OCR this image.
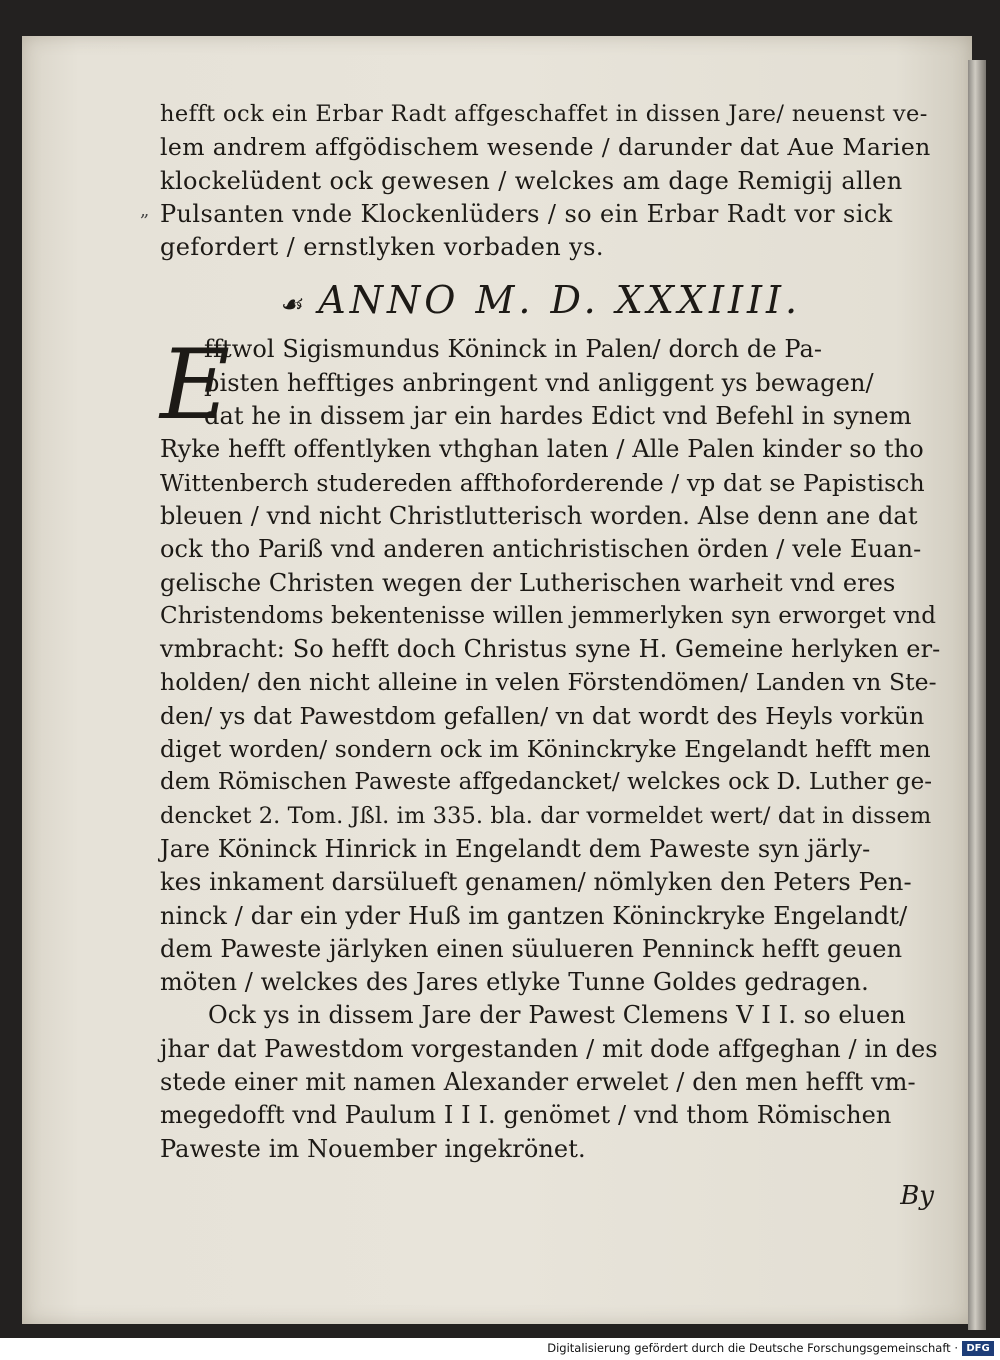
„
hefft ock ein Erbar Radt affgeschaffet in dissen Jare/ neuenst ve-
lem andrem affgödischem wesende / darunder dat Aue Marien
klockelüdent ock gewesen / welckes am dage Remigij allen
Pulsanten vnde Klockenlüders / so ein Erbar Radt vor sick
gefordert / ernstlyken vorbaden ys.
☙ ANNO M. D. XXXIIII.
E
fftwol Sigismundus Köninck in Palen/ dorch de Pa-
pisten hefftiges anbringent vnd anliggent ys bewagen/
dat he in dissem jar ein hardes Edict vnd Befehl in synem
Ryke hefft offentlyken vthghan laten / Alle Palen kinder so tho
Wittenberch studereden affthoforderende / vp dat se Papistisch
bleuen / vnd nicht Christlutterisch worden. Alse denn ane dat
ock tho Pariß vnd anderen antichristischen örden / vele Euan-
gelische Christen wegen der Lutherischen warheit vnd eres
Christendoms bekentenisse willen jemmerlyken syn erworget vnd
vmbracht: So hefft doch Christus syne H. Gemeine herlyken er-
holden/ den nicht alleine in velen Förstendömen/ Landen vn Ste-
den/ ys dat Pawestdom gefallen/ vn dat wordt des Heyls vorkün
diget worden/ sondern ock im Köninckryke Engelandt hefft men
dem Römischen Paweste affgedancket/ welckes ock D. Luther ge-
dencket 2. Tom. Jßl. im 335. bla. dar vormeldet wert/ dat in dissem
Jare Köninck Hinrick in Engelandt dem Paweste syn järly-
kes inkament darsülueft genamen/ nömlyken den Peters Pen-
ninck / dar ein yder Huß im gantzen Köninckryke Engelandt/
dem Paweste järlyken einen süulueren Penninck hefft geuen
möten / welckes des Jares etlyke Tunne Goldes gedragen.
Ock ys in dissem Jare der Pawest Clemens V I I. so eluen
jhar dat Pawestdom vorgestanden / mit dode affgeghan / in des
stede einer mit namen Alexander erwelet / den men hefft vm-
megedofft vnd Paulum I I I. genömet / vnd thom Römischen
Paweste im Nouember ingekrönet.
By
Digitalisierung gefördert durch die Deutsche Forschungsgemeinschaft · DFG
